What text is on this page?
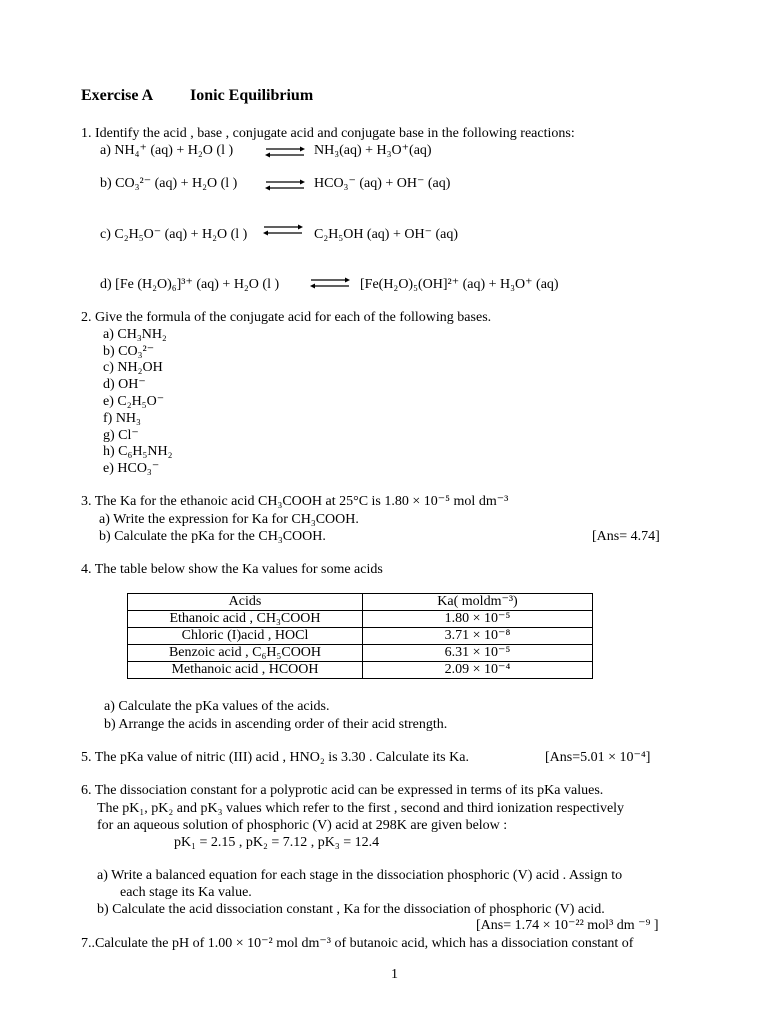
Exercise A Ionic Equilibrium
1. Identify the acid , base , conjugate acid and conjugate base in the following reactions:
a) NH₄⁺ (aq) + H₂O (l ) ⇌ NH₃(aq) + H₃O⁺(aq)
b) CO₃²⁻ (aq) + H₂O (l ) ⇌ HCO₃⁻ (aq) + OH⁻ (aq)
c) C₂H₅O⁻ (aq) + H₂O (l ) ⇌ C₂H₅OH (aq) + OH⁻ (aq)
d) [Fe (H₂O)₆]³⁺ (aq) + H₂O (l ) ⇌ [Fe(H₂O)₅(OH]²⁺ (aq) + H₃O⁺ (aq)
2. Give the formula of the conjugate acid for each of the following bases.
a) CH₃NH₂
b) CO₃²⁻
c) NH₂OH
d) OH⁻
e) C₂H₅O⁻
f) NH₃
g) Cl⁻
h) C₆H₅NH₂
e) HCO₃⁻
3. The Ka for the ethanoic acid CH₃COOH at 25°C is 1.80 × 10⁻⁵ mol dm⁻³
a) Write the expression for Ka for CH₃COOH.
b) Calculate the pKa for the CH₃COOH.	[Ans= 4.74]
4. The table below show the Ka values for some acids
Acids	Ka( moldm⁻³)
Ethanoic acid , CH₃COOH	1.80 × 10⁻⁵
Chloric (I)acid , HOCl	3.71 × 10⁻⁸
Benzoic acid , C₆H₅COOH	6.31 × 10⁻⁵
Methanoic acid , HCOOH	2.09 × 10⁻⁴
a) Calculate the pKa values of the acids.
b) Arrange the acids in ascending order of their acid strength.
5. The pKa value of nitric (III) acid , HNO₂ is 3.30 . Calculate its Ka.	[Ans=5.01 × 10⁻⁴]
6. The dissociation constant for a polyprotic acid can be expressed in terms of its pKa values.
The pK₁, pK₂ and pK₃ values which refer to the first , second and third ionization respectively
for an aqueous solution of phosphoric (V) acid at 298K are given below :
pK₁ = 2.15 , pK₂ = 7.12 , pK₃ = 12.4
a) Write a balanced equation for each stage in the dissociation phosphoric (V) acid . Assign to
each stage its Ka value.
b) Calculate the acid dissociation constant , Ka for the dissociation of phosphoric (V) acid.
[Ans= 1.74 × 10⁻²² mol³ dm ⁻⁹ ]
7..Calculate the pH of 1.00 × 10⁻² mol dm⁻³ of butanoic acid, which has a dissociation constant of
1
